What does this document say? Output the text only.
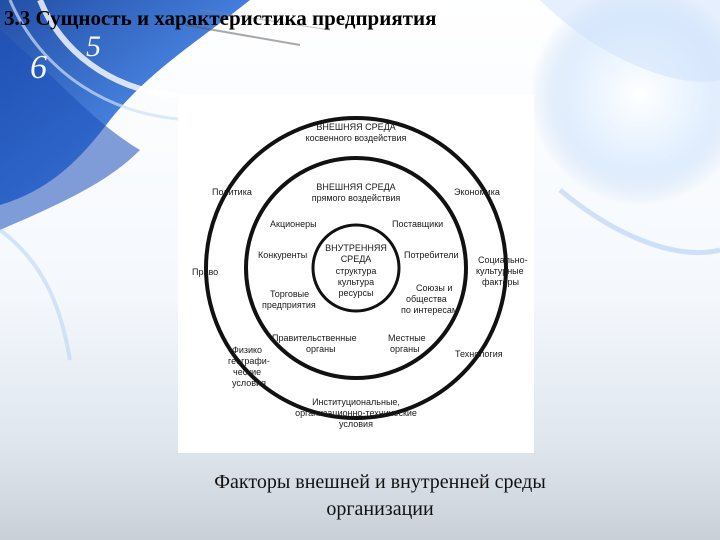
6
5
3.3 Сущность и характеристика предприятия
ВНЕШНЯЯ СРЕДА
косвенного воздействия
Политика	Экономика
Право
Социально-
культурные
факторы
Физико
географи-
ческие
условия
Технология
Институциональные,
организационно-технические
условия
ВНЕШНЯЯ СРЕДА
прямого воздействия
Акционеры	Поставщики
Конкуренты	Потребители
Торговые
предприятия
Союзы и
общества
по интересам
Правительственные
органы
Местные
органы
ВНУТРЕННЯЯ
СРЕДА
структура
культура
ресурсы
Факторы внешней и внутренней среды
организации
